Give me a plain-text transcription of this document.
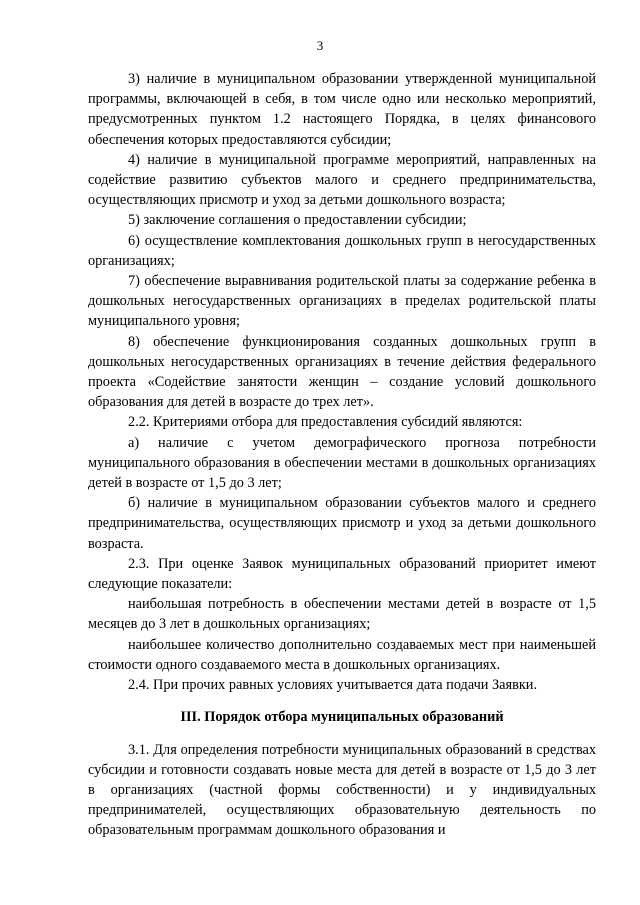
3

3) наличие в муниципальном образовании утвержденной муниципальной программы, включающей в себя, в том числе одно или несколько мероприятий, предусмотренных пунктом 1.2 настоящего Порядка, в целях финансового обеспечения которых предоставляются субсидии;

4) наличие в муниципальной программе мероприятий, направленных на содействие развитию субъектов малого и среднего предпринимательства, осуществляющих присмотр и уход за детьми дошкольного возраста;

5) заключение соглашения о предоставлении субсидии;

6) осуществление комплектования дошкольных групп в негосударственных организациях;

7) обеспечение выравнивания родительской платы за содержание ребенка в дошкольных негосударственных организациях в пределах родительской платы муниципального уровня;

8) обеспечение функционирования созданных дошкольных групп в дошкольных негосударственных организациях в течение действия федерального проекта «Содействие занятости женщин – создание условий дошкольного образования для детей в возрасте до трех лет».

2.2. Критериями отбора для предоставления субсидий являются:

а) наличие с учетом демографического прогноза потребности муниципального образования в обеспечении местами в дошкольных организациях детей в возрасте от 1,5 до 3 лет;

б) наличие в муниципальном образовании субъектов малого и среднего предпринимательства, осуществляющих присмотр и уход за детьми дошкольного возраста.

2.3. При оценке Заявок муниципальных образований приоритет имеют следующие показатели:

наибольшая потребность в обеспечении местами детей в возрасте от 1,5 месяцев до 3 лет в дошкольных организациях;

наибольшее количество дополнительно создаваемых мест при наименьшей стоимости одного создаваемого места в дошкольных организациях.

2.4. При прочих равных условиях учитывается дата подачи Заявки.

III. Порядок отбора муниципальных образований

3.1. Для определения потребности муниципальных образований в средствах субсидии и готовности создавать новые места для детей в возрасте от 1,5 до 3 лет в организациях (частной формы собственности) и у индивидуальных предпринимателей, осуществляющих образовательную деятельность по образовательным программам дошкольного образования и
